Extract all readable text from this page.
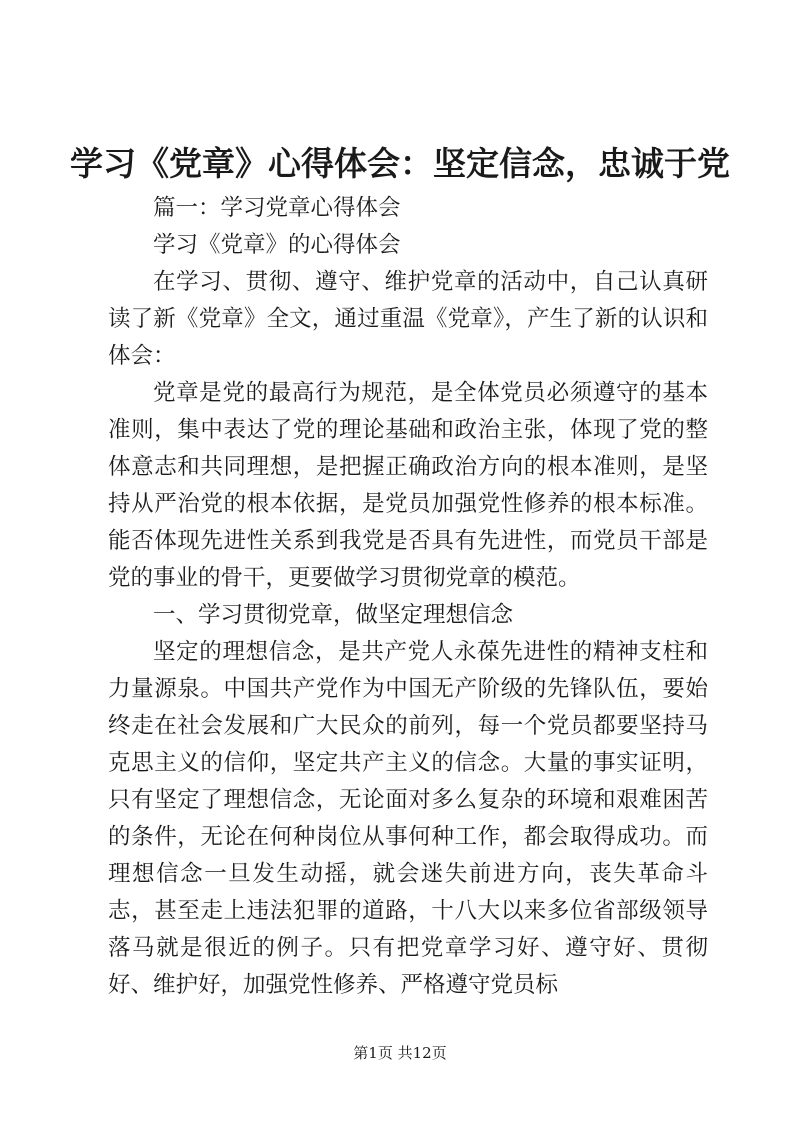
学习《党章》心得体会：坚定信念，忠诚于党

篇一：学习党章心得体会

学习《党章》的心得体会

在学习、贯彻、遵守、维护党章的活动中，自己认真研读了新《党章》全文，通过重温《党章》，产生了新的认识和体会：

党章是党的最高行为规范，是全体党员必须遵守的基本准则，集中表达了党的理论基础和政治主张，体现了党的整体意志和共同理想，是把握正确政治方向的根本准则，是坚持从严治党的根本依据，是党员加强党性修养的根本标准。能否体现先进性关系到我党是否具有先进性，而党员干部是党的事业的骨干，更要做学习贯彻党章的模范。

一、学习贯彻党章，做坚定理想信念

坚定的理想信念，是共产党人永葆先进性的精神支柱和力量源泉。中国共产党作为中国无产阶级的先锋队伍，要始终走在社会发展和广大民众的前列，每一个党员都要坚持马克思主义的信仰，坚定共产主义的信念。大量的事实证明，只有坚定了理想信念，无论面对多么复杂的环境和艰难困苦的条件，无论在何种岗位从事何种工作，都会取得成功。而理想信念一旦发生动摇，就会迷失前进方向，丧失革命斗志，甚至走上违法犯罪的道路，十八大以来多位省部级领导落马就是很近的例子。只有把党章学习好、遵守好、贯彻好、维护好，加强党性修养、严格遵守党员标

第1页 共12页
